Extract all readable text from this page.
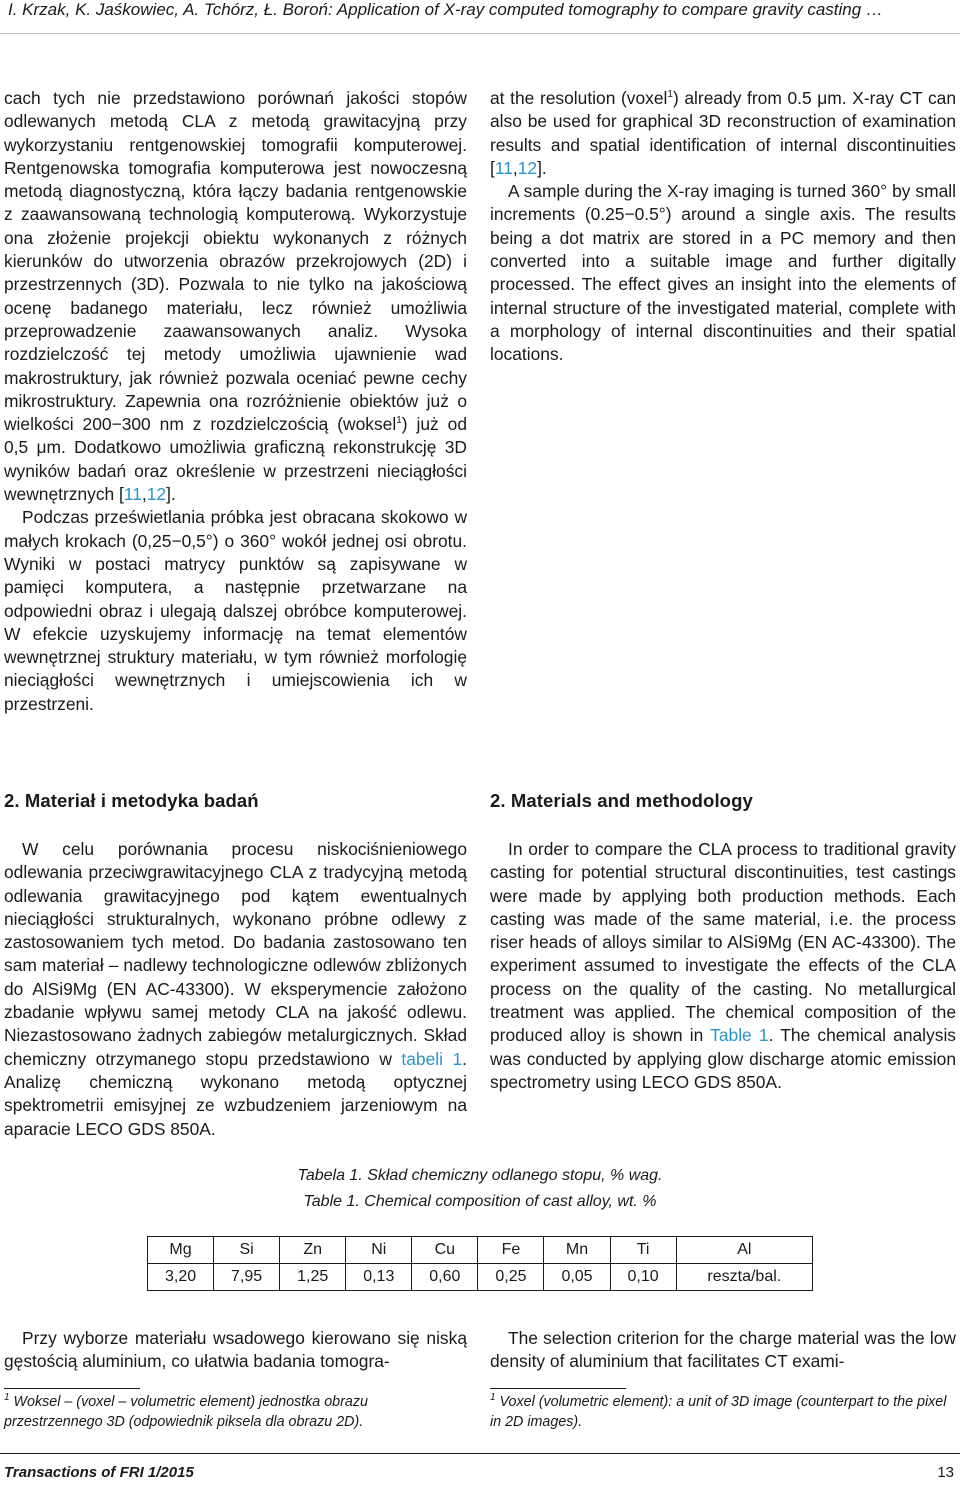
I. Krzak, K. Jaśkowiec, A. Tchórz, Ł. Boroń: Application of X-ray computed tomography to compare gravity casting …

cach tych nie przedstawiono porównań jakości stopów odlewanych metodą CLA z metodą grawitacyjną przy wykorzystaniu rentgenowskiej tomografii komputerowej. Rentgenowska tomografia komputerowa jest nowoczesną metodą diagnostyczną, która łączy badania rentgenowskie z zaawansowaną technologią komputerową. Wykorzystuje ona złożenie projekcji obiektu wykonanych z różnych kierunków do utworzenia obrazów przekrojowych (2D) i przestrzennych (3D). Pozwala to nie tylko na jakościową ocenę badanego materiału, lecz również umożliwia przeprowadzenie zaawansowanych analiz. Wysoka rozdzielczość tej metody umożliwia ujawnienie wad makrostruktury, jak również pozwala oceniać pewne cechy mikrostruktury. Zapewnia ona rozróżnienie obiektów już o wielkości 200−300 nm z rozdzielczością (woksel$^1$) już od 0,5 μm. Dodatkowo umożliwia graficzną rekonstrukcję 3D wyników badań oraz określenie w przestrzeni nieciągłości wewnętrznych [11,12].

Podczas prześwietlania próbka jest obracana skokowo w małych krokach (0,25−0,5°) o 360° wokół jednej osi obrotu. Wyniki w postaci matrycy punktów są zapisywane w pamięci komputera, a następnie przetwarzane na odpowiedni obraz i ulegają dalszej obróbce komputerowej. W efekcie uzyskujemy informację na temat elementów wewnętrznej struktury materiału, w tym również morfologię nieciągłości wewnętrznych i umiejscowienia ich w przestrzeni.

at the resolution (voxel$^1$) already from 0.5 μm. X-ray CT can also be used for graphical 3D reconstruction of examination results and spatial identification of internal discontinuities [11,12].

A sample during the X-ray imaging is turned 360° by small increments (0.25−0.5°) around a single axis. The results being a dot matrix are stored in a PC memory and then converted into a suitable image and further digitally processed. The effect gives an insight into the elements of internal structure of the investigated material, complete with a morphology of internal discontinuities and their spatial locations.

2. Materiał i metodyka badań	2. Materials and methodology

W celu porównania procesu niskociśnieniowego odlewania przeciwgrawitacyjnego CLA z tradycyjną metodą odlewania grawitacyjnego pod kątem ewentualnych nieciągłości strukturalnych, wykonano próbne odlewy z zastosowaniem tych metod. Do badania zastosowano ten sam materiał – nadlewy technologiczne odlewów zbliżonych do AlSi9Mg (EN AC-43300). W eksperymencie założono zbadanie wpływu samej metody CLA na jakość odlewu. Niezastosowano żadnych zabiegów metalurgicznych. Skład chemiczny otrzymanego stopu przedstawiono w tabeli 1. Analizę chemiczną wykonano metodą optycznej spektrometrii emisyjnej ze wzbudzeniem jarzeniowym na aparacie LECO GDS 850A.

In order to compare the CLA process to traditional gravity casting for potential structural discontinuities, test castings were made by applying both production methods. Each casting was made of the same material, i.e. the process riser heads of alloys similar to AlSi9Mg (EN AC-43300). The experiment assumed to investigate the effects of the CLA process on the quality of the casting. No metallurgical treatment was applied. The chemical composition of the produced alloy is shown in Table 1. The chemical analysis was conducted by applying glow discharge atomic emission spectrometry using LECO GDS 850A.

Tabela 1. Skład chemiczny odlanego stopu, % wag.
Table 1. Chemical composition of cast alloy, wt. %
Mg	Si	Zn	Ni	Cu	Fe	Mn	Ti	Al
3,20	7,95	1,25	0,13	0,60	0,25	0,05	0,10	reszta/bal.

Przy wyborze materiału wsadowego kierowano się niską gęstością aluminium, co ułatwia badania tomogra-

The selection criterion for the charge material was the low density of aluminium that facilitates CT exami-

$^1$ Woksel – (voxel – volumetric element) jednostka obrazu przestrzennego 3D (odpowiednik piksela dla obrazu 2D).
$^1$ Voxel (volumetric element): a unit of 3D image (counterpart to the pixel in 2D images).
Transactions of FRI 1/2015	13
